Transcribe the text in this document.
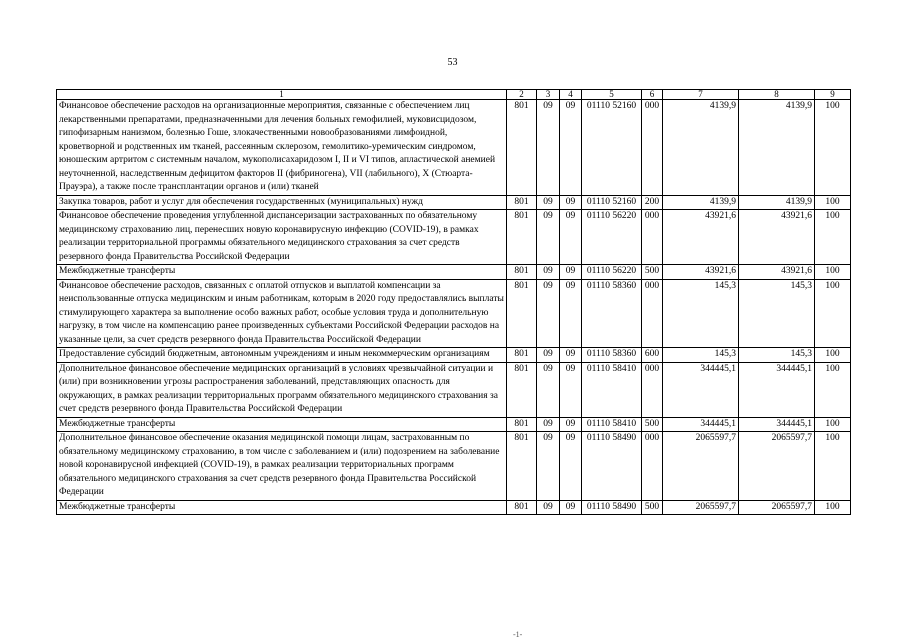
53
1	2	3	4	5	6	7	8	9
Финансовое обеспечение расходов на организационные мероприятия, связанные с обеспечением лиц лекарственными препаратами, предназначенными для лечения больных гемофилией, муковисцидозом, гипофизарным нанизмом, болезнью Гоше, злокачественными новообразованиями лимфоидной, кроветворной и родственных им тканей, рассеянным склерозом, гемолитико-уремическим синдромом, юношеским артритом с системным началом, мукополисахаридозом I, II и VI типов, апластической анемией неуточненной, наследственным дефицитом факторов II (фибриногена), VII (лабильного), X (Стюарта-Прауэра), а также после трансплантации органов и (или) тканей	801	09	09	01110 52160	000	4139,9	4139,9	100
Закупка товаров, работ и услуг для обеспечения государственных (муниципальных) нужд	801	09	09	01110 52160	200	4139,9	4139,9	100
Финансовое обеспечение проведения углубленной диспансеризации застрахованных по обязательному медицинскому страхованию лиц, перенесших новую коронавирусную инфекцию (COVID-19), в рамках реализации территориальной программы обязательного медицинского страхования за счет средств резервного фонда Правительства Российской Федерации	801	09	09	01110 56220	000	43921,6	43921,6	100
Межбюджетные трансферты	801	09	09	01110 56220	500	43921,6	43921,6	100
Финансовое обеспечение расходов, связанных с оплатой отпусков и выплатой компенсации за неиспользованные отпуска медицинским и иным работникам, которым в 2020 году предоставлялись выплаты стимулирующего характера за выполнение особо важных работ, особые условия труда и дополнительную нагрузку, в том числе на компенсацию ранее произведенных субъектами Российской Федерации расходов на указанные цели, за счет средств резервного фонда Правительства Российской Федерации	801	09	09	01110 58360	000	145,3	145,3	100
Предоставление субсидий бюджетным, автономным учреждениям и иным некоммерческим организациям	801	09	09	01110 58360	600	145,3	145,3	100
Дополнительное финансовое обеспечение медицинских организаций в условиях чрезвычайной ситуации и (или) при возникновении угрозы распространения заболеваний, представляющих опасность для окружающих, в рамках реализации территориальных программ обязательного медицинского страхования за счет средств резервного фонда Правительства Российской Федерации	801	09	09	01110 58410	000	344445,1	344445,1	100
Межбюджетные трансферты	801	09	09	01110 58410	500	344445,1	344445,1	100
Дополнительное финансовое обеспечение оказания медицинской помощи лицам, застрахованным по обязательному медицинскому страхованию, в том числе с заболеванием и (или) подозрением на заболевание новой коронавирусной инфекцией (COVID-19), в рамках реализации территориальных программ обязательного медицинского страхования за счет средств резервного фонда Правительства Российской Федерации	801	09	09	01110 58490	000	2065597,7	2065597,7	100
Межбюджетные трансферты	801	09	09	01110 58490	500	2065597,7	2065597,7	100
-1-
